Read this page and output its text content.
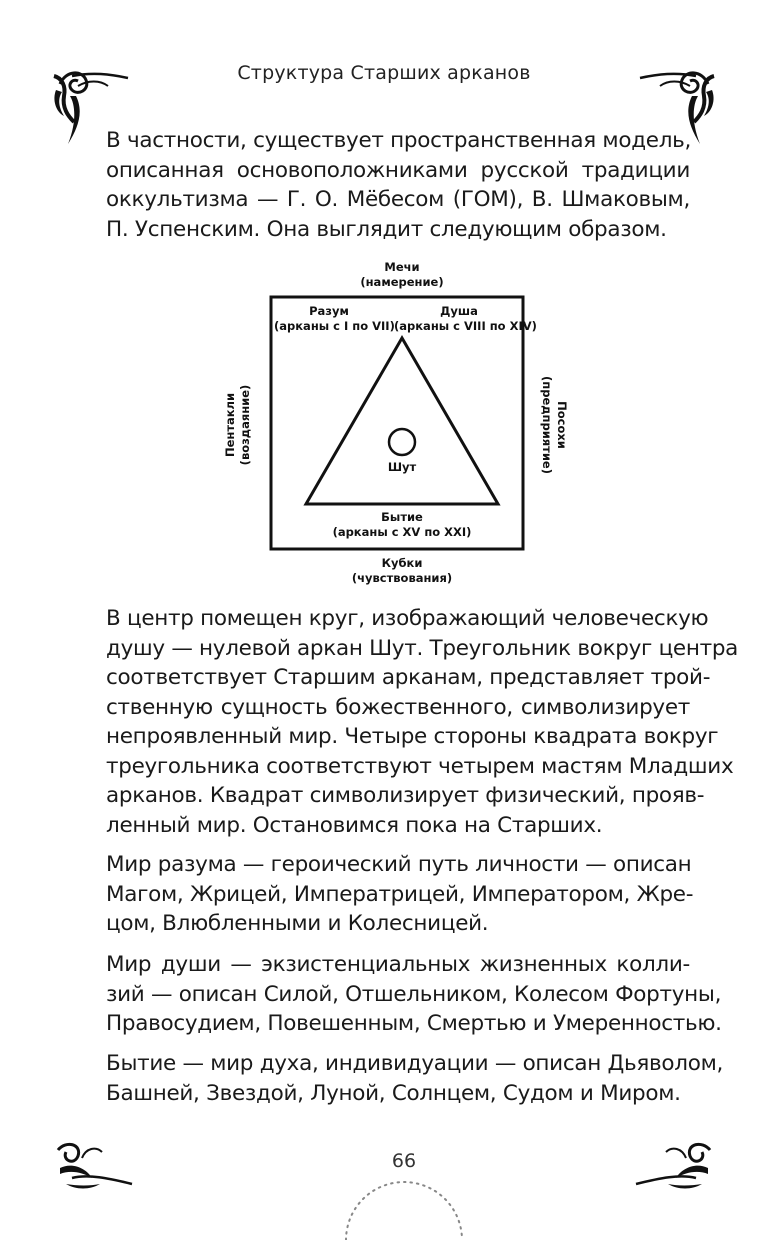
Структура Старших арканов
В частности, существует пространственная модель,
описанная основоположниками русской традиции
оккультизма — Г. О. Мёбесом (ГОМ), В. Шмаковым,
П. Успенским. Она выглядит следующим образом.
Мечи
(намерение)
Разум
(арканы с I по VII)
Душа
(арканы с VIII по XIV)
Шут
Бытие
(арканы с XV по XXI)
Кубки
(чувствования)
Пентакли (воздаяние)	Посохи
(предприятие)
В центр помещен круг, изображающий человеческую
душу — нулевой аркан Шут. Треугольник вокруг центра
соответствует Старшим арканам, представляет трой-
ственную сущность божественного, символизирует
непроявленный мир. Четыре стороны квадрата вокруг
треугольника соответствуют четырем мастям Младших
арканов. Квадрат символизирует физический, прояв-
ленный мир. Остановимся пока на Старших.
Мир разума — героический путь личности — описан
Магом, Жрицей, Императрицей, Императором, Жре-
цом, Влюбленными и Колесницей.
Мир души — экзистенциальных жизненных колли-
зий — описан Силой, Отшельником, Колесом Фортуны,
Правосудием, Повешенным, Смертью и Умеренностью.
Бытие — мир духа, индивидуации — описан Дьяволом,
Башней, Звездой, Луной, Солнцем, Судом и Миром.
66
